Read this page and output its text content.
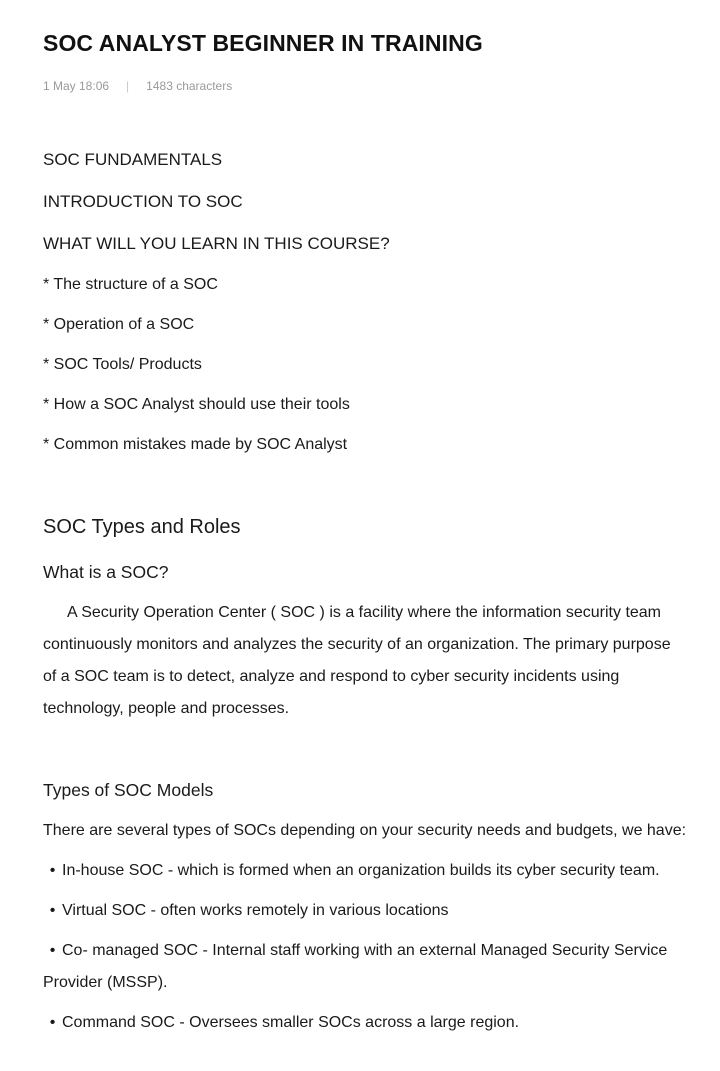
SOC ANALYST BEGINNER IN TRAINING
1 May 18:06 | 1483 characters

SOC FUNDAMENTALS

INTRODUCTION TO SOC

WHAT WILL YOU LEARN IN THIS COURSE?

* The structure of a SOC

* Operation of a SOC

* SOC Tools/ Products

* How a SOC Analyst should use their tools

* Common mistakes made by SOC Analyst

SOC Types and Roles

What is a SOC?

A Security Operation Center ( SOC ) is a facility where the information security team continuously monitors and analyzes the security of an organization. The primary purpose of a SOC team is to detect, analyze and respond to cyber security incidents using technology, people and processes.

Types of SOC Models

There are several types of SOCs depending on your security needs and budgets, we have:

• In-house SOC - which is formed when an organization builds its cyber security team.

• Virtual SOC - often works remotely in various locations

• Co- managed SOC - Internal staff working with an external Managed Security Service Provider (MSSP).

• Command SOC - Oversees smaller SOCs across a large region.
